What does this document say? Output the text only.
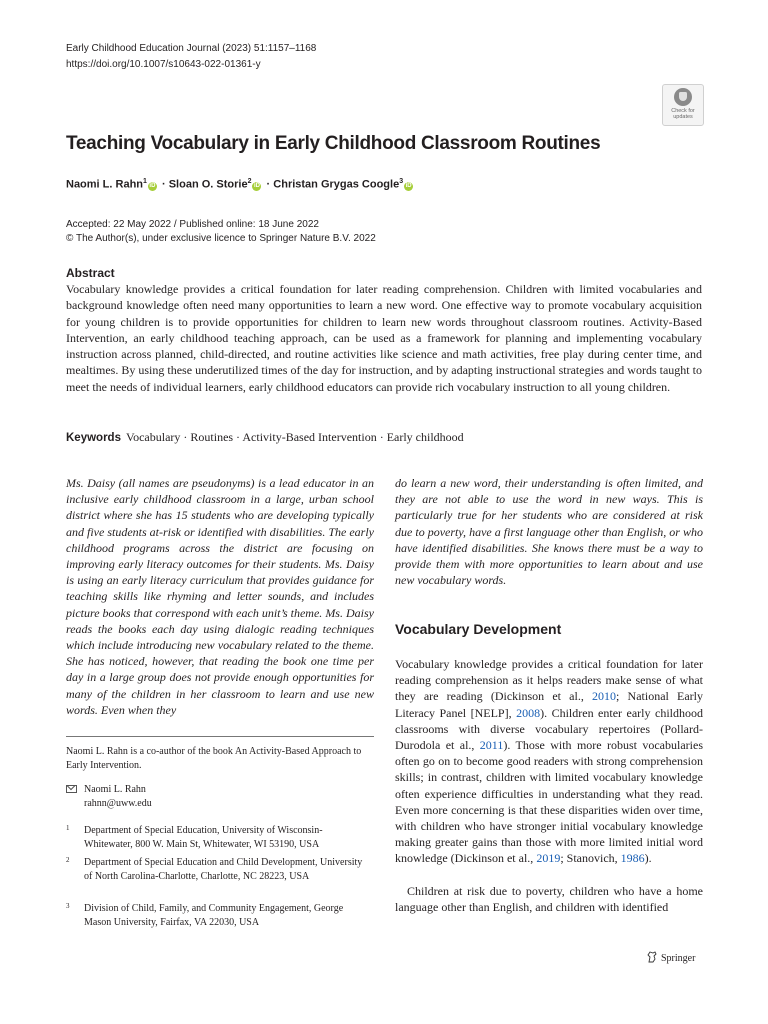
Early Childhood Education Journal (2023) 51:1157–1168
https://doi.org/10.1007/s10643-022-01361-y
Check for
updates
Teaching Vocabulary in Early Childhood Classroom Routines
Naomi L. Rahn$^1$iD · Sloan O. Storie$^2$iD · Christan Grygas Coogle$^3$iD
Accepted: 22 May 2022 / Published online: 18 June 2022
© The Author(s), under exclusive licence to Springer Nature B.V. 2022
Abstract

Vocabulary knowledge provides a critical foundation for later reading comprehension. Children with limited vocabularies and background knowledge often need many opportunities to learn a new word. One effective way to promote vocabulary acquisition for young children is to provide opportunities for children to learn new words throughout classroom routines. Activity-Based Intervention, an early childhood teaching approach, can be used as a framework for planning and implementing vocabulary instruction across planned, child-directed, and routine activities like science and math activities, free play during center time, and mealtimes. By using these underutilized times of the day for instruction, and by adapting instructional strategies and words taught to meet the needs of individual learners, early childhood educators can provide rich vocabulary instruction to all young children.

Keywords Vocabulary · Routines · Activity-Based Intervention · Early childhood

Ms. Daisy (all names are pseudonyms) is a lead educator in an inclusive early childhood classroom in a large, urban school district where she has 15 students who are developing typically and five students at-risk or identified with disabilities. The early childhood programs across the district are focusing on improving early literacy outcomes for their students. Ms. Daisy is using an early literacy curriculum that provides guidance for teaching skills like rhyming and letter sounds, and includes picture books that correspond with each unit’s theme. Ms. Daisy reads the books each day using dialogic reading techniques which include introducing new vocabulary related to the theme. She has noticed, however, that reading the book one time per day in a large group does not provide enough opportunities for many of the children in her classroom to learn and use new words. Even when they

do learn a new word, their understanding is often limited, and they are not able to use the word in new ways. This is particularly true for her students who are considered at risk due to poverty, have a first language other than English, or who have identified disabilities. She knows there must be a way to provide them with more opportunities to learn about and use new vocabulary words.

Naomi L. Rahn is a co-author of the book An Activity-Based Approach to Early Intervention.
Naomi L. Rahn
rahnn@uww.edu
1 Department of Special Education, University of Wisconsin-Whitewater, 800 W. Main St, Whitewater, WI 53190, USA
2 Department of Special Education and Child Development, University of North Carolina-Charlotte, Charlotte, NC 28223, USA
3 Division of Child, Family, and Community Engagement, George Mason University, Fairfax, VA 22030, USA
Vocabulary Development

Vocabulary knowledge provides a critical foundation for later reading comprehension as it helps readers make sense of what they are reading (Dickinson et al., 2010; National Early Literacy Panel [NELP], 2008). Children enter early childhood classrooms with diverse vocabulary repertoires (Pollard-Durodola et al., 2011). Those with more robust vocabularies often go on to become good readers with strong comprehension skills; in contrast, children with limited vocabulary knowledge often experience difficulties in understanding what they read. Even more concerning is that these disparities widen over time, with children who have stronger initial vocabulary knowledge making greater gains than those with more limited initial word knowledge (Dickinson et al., 2019; Stanovich, 1986).

Children at risk due to poverty, children who have a home language other than English, and children with identified

Springer
